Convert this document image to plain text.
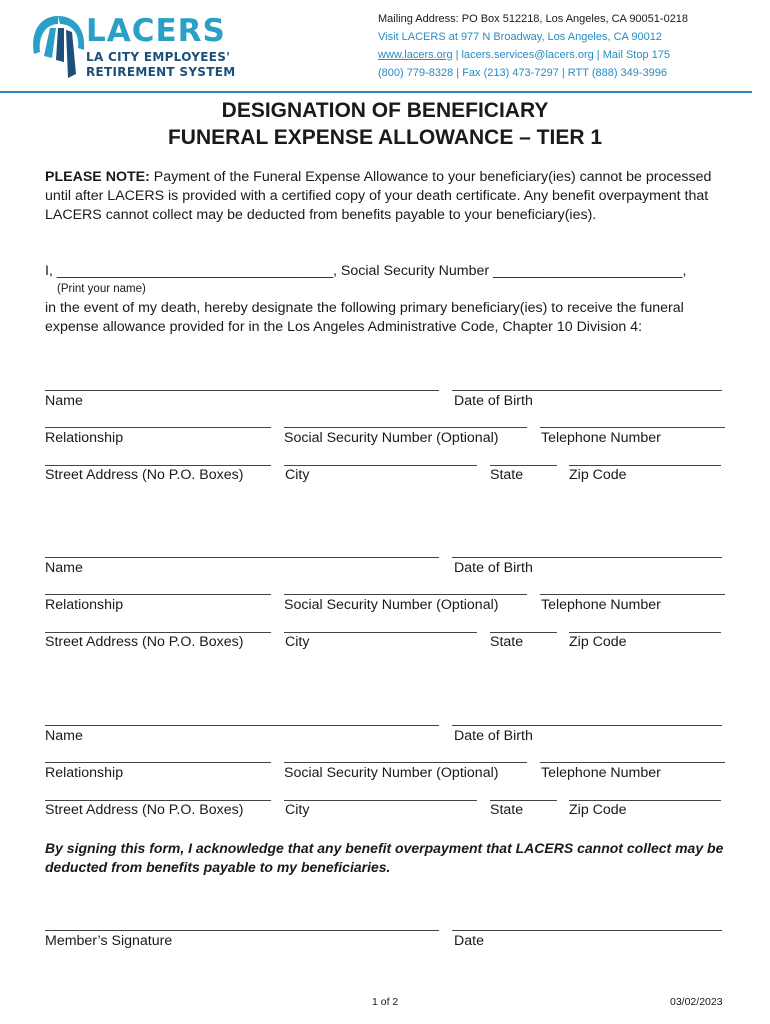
LACERS
LA CITY EMPLOYEES'
RETIREMENT SYSTEM
Mailing Address: PO Box 512218, Los Angeles, CA 90051-0218
Visit LACERS at 977 N Broadway, Los Angeles, CA 90012
www.lacers.org | lacers.services@lacers.org | Mail Stop 175
(800) 779-8328 | Fax (213) 473-7297 | RTT (888) 349-3996
DESIGNATION OF BENEFICIARY
FUNERAL EXPENSE ALLOWANCE – TIER 1
PLEASE NOTE: Payment of the Funeral Expense Allowance to your beneficiary(ies) cannot be processed until after LACERS is provided with a certified copy of your death certificate. Any benefit overpayment that LACERS cannot collect may be deducted from benefits payable to your beneficiary(ies).
I, ___________________________________, Social Security Number ________________________,
(Print your name)
in the event of my death, hereby designate the following primary beneficiary(ies) to receive the funeral expense allowance provided for in the Los Angeles Administrative Code, Chapter 10 Division 4:
Name	Date of Birth
Relationship	Social Security Number (Optional)	Telephone Number
Street Address (No P.O. Boxes)	City	State	Zip Code
Name	Date of Birth
Relationship	Social Security Number (Optional)	Telephone Number
Street Address (No P.O. Boxes)	City	State	Zip Code
Name	Date of Birth
Relationship	Social Security Number (Optional)	Telephone Number
Street Address (No P.O. Boxes)	City	State	Zip Code
By signing this form, I acknowledge that any benefit overpayment that LACERS cannot collect may be deducted from benefits payable to my beneficiaries.
Member’s Signature	Date
1 of 2	03/02/2023
